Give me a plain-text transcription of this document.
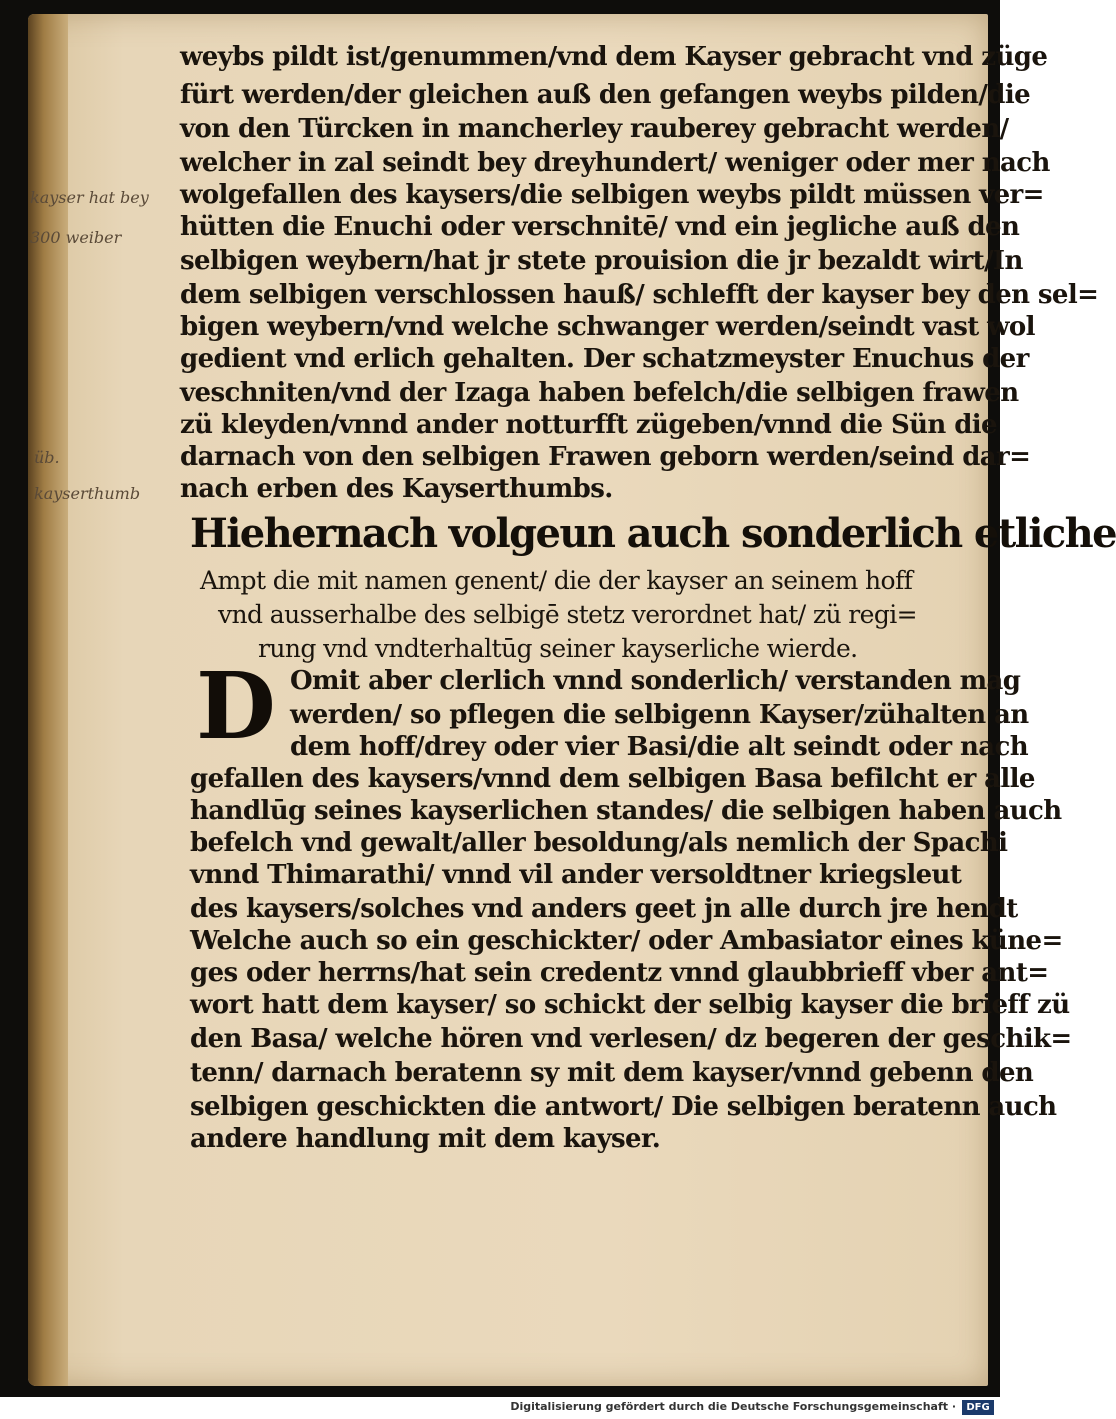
kayser hat bey
300 weiber
üb.
kayserthumb
weybs pildt ist/genummen/vnd dem Kayser gebracht vnd züge
fürt werden/der gleichen auß den gefangen weybs pilden/die
von den Türcken in mancherley rauberey gebracht werden/
welcher in zal seindt bey dreyhundert/ weniger oder mer nach
wolgefallen des kaysers/die selbigen weybs pildt müssen ver=
hütten die Enuchi oder verschnitē/ vnd ein jegliche auß den
selbigen weybern/hat jr stete prouision die jr bezaldt wirt/In
dem selbigen verschlossen hauß/ schlefft der kayser bey den sel=
bigen weybern/vnd welche schwanger werden/seindt vast wol
gedient vnd erlich gehalten. Der schatzmeyster Enuchus der
veschniten/vnd der Izaga haben befelch/die selbigen frawen
zü kleyden/vnnd ander notturfft zügeben/vnnd die Sün die
darnach von den selbigen Frawen geborn werden/seind dar=
nach erben des Kayserthumbs.
Hiehernach volgeun auch sonderlich etliche
Ampt die mit namen genent/ die der kayser an seinem hoff
vnd ausserhalbe des selbigē stetz verordnet hat/ zü regi=
rung vnd vndterhaltūg seiner kayserliche wierde.
D Omit aber clerlich vnnd sonderlich/ verstanden mag
werden/ so pflegen die selbigenn Kayser/zühalten an
dem hoff/drey oder vier Basi/die alt seindt oder nach
gefallen des kaysers/vnnd dem selbigen Basa befilcht er alle
handlūg seines kayserlichen standes/ die selbigen haben auch
befelch vnd gewalt/aller besoldung/als nemlich der Spachi
vnnd Thimarathi/ vnnd vil ander versoldtner kriegsleut
des kaysers/solches vnd anders geet jn alle durch jre hendt
Welche auch so ein geschickter/ oder Ambasiator eines küne=
ges oder herrns/hat sein credentz vnnd glaubbrieff vber ant=
wort hatt dem kayser/ so schickt der selbig kayser die brieff zü
den Basa/ welche hören vnd verlesen/ dz begeren der geschik=
tenn/ darnach beratenn sy mit dem kayser/vnnd gebenn den
selbigen geschickten die antwort/ Die selbigen beratenn auch
andere handlung mit dem kayser.
Digitalisierung gefördert durch die Deutsche Forschungsgemeinschaft ·	DFG
